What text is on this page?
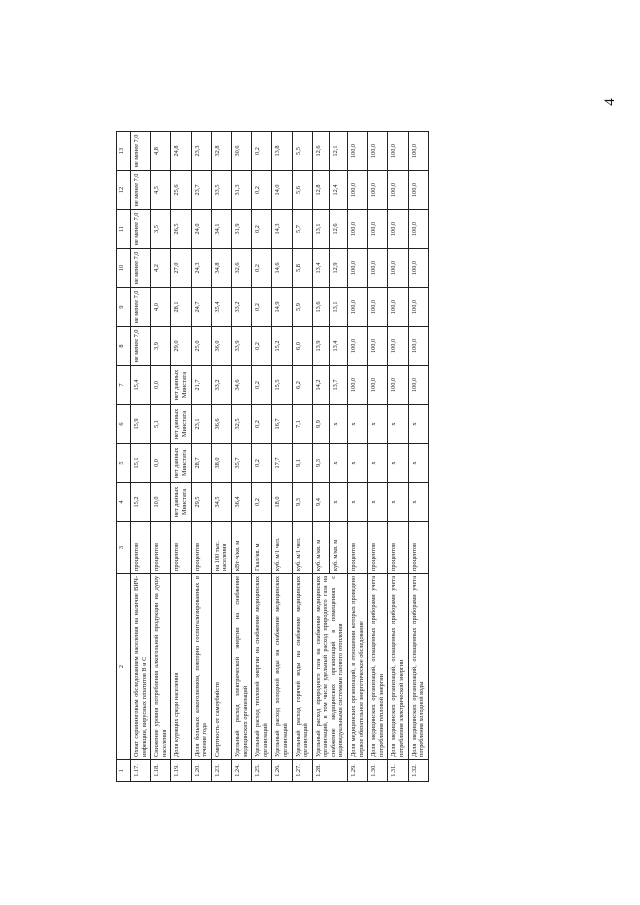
4
1	2	3	4	5	6	7	8	9	10	11	12	13
1.17.	Охват скрининговым обследованием населения на наличие ВИЧ-инфекции, вирусных гепатитов В и С	процентов	15,2	15,1	15,9	15,4	не менее 7,0	не менее 7,0	не менее 7,0	не менее 7,0	не менее 7,0	не менее 7,0
1.18.	Снижение уровня потребления алкогольной продукции на душу населения	процентов	10,0	0,0	5,1	0,0	3,9	4,0	4,2	3,5	4,5	4,8
1.19.	Доля курящих среди населения	процентов	нет данных Минстата	нет данных Минстата	нет данных Минстата	нет данных Минстата	29,0	28,1	27,0	26,5	25,6	24,8
1.20.	Доля больных алкоголизмом, повторно госпитализированных в течение года	процентов	29,5	28,7	23,1	21,7	25,0	24,7	24,3	24,0	23,7	23,3
1.23.	Смертность от самоубийств	на 100 тыс. населения	34,5	38,0	36,6	33,2	36,0	35,4	34,8	34,1	33,5	32,8
1.24.	Удельный расход электрической энергии на снабжение медицинских организаций	кВт·ч/кв. м	36,4	35,7	32,5	34,6	33,9	33,2	32,6	31,9	31,3	30,6
1.25.	Удельный расход тепловой энергии на снабжение медицинских организаций	Гкал/кв. м	0,2	0,2	0,2	0,2	0,2	0,2	0,2	0,2	0,2	0,2
1.26.	Удельный расход холодной воды на снабжение медицинских организаций	куб. м/1 чел.	18,0	17,7	16,7	15,5	15,2	14,9	14,6	14,3	14,0	13,8
1.27.	Удельный расход горячей воды на снабжение медицинских организаций	куб. м/1 чел.	9,3	9,1	7,1	6,2	6,0	5,9	5,8	5,7	5,6	5,5
1.28.	Удельный расход природного газа на снабжение медицинских организаций, в том числе удельный расход природного газа на снабжение медицинских организаций в помещениях с индивидуальными системами газового отопления	куб. м/кв. м	9,4	9,3	9,9	14,2	13,9	13,6	13,4	13,1	12,8	12,6
		куб. м/кв. м	x	x	x	13,7	13,4	13,1	12,9	12,6	12,4	12,1
1.29.	Доля медицинских организаций, в отношении которых проведено первое обязательное энергетическое обследование	процентов	x	x	x	100,0	100,0	100,0	100,0	100,0	100,0	100,0
1.30.	Доля медицинских организаций, оснащенных приборами учета потребления тепловой энергии	процентов	x	x	x	100,0	100,0	100,0	100,0	100,0	100,0	100,0
1.31.	Доля медицинских организаций, оснащенных приборами учета потребления электрической энергии	процентов	x	x	x	100,0	100,0	100,0	100,0	100,0	100,0	100,0
1.32.	Доля медицинских организаций, оснащенных приборами учета потребления холодной воды	процентов	x	x	x	100,0	100,0	100,0	100,0	100,0	100,0	100,0
